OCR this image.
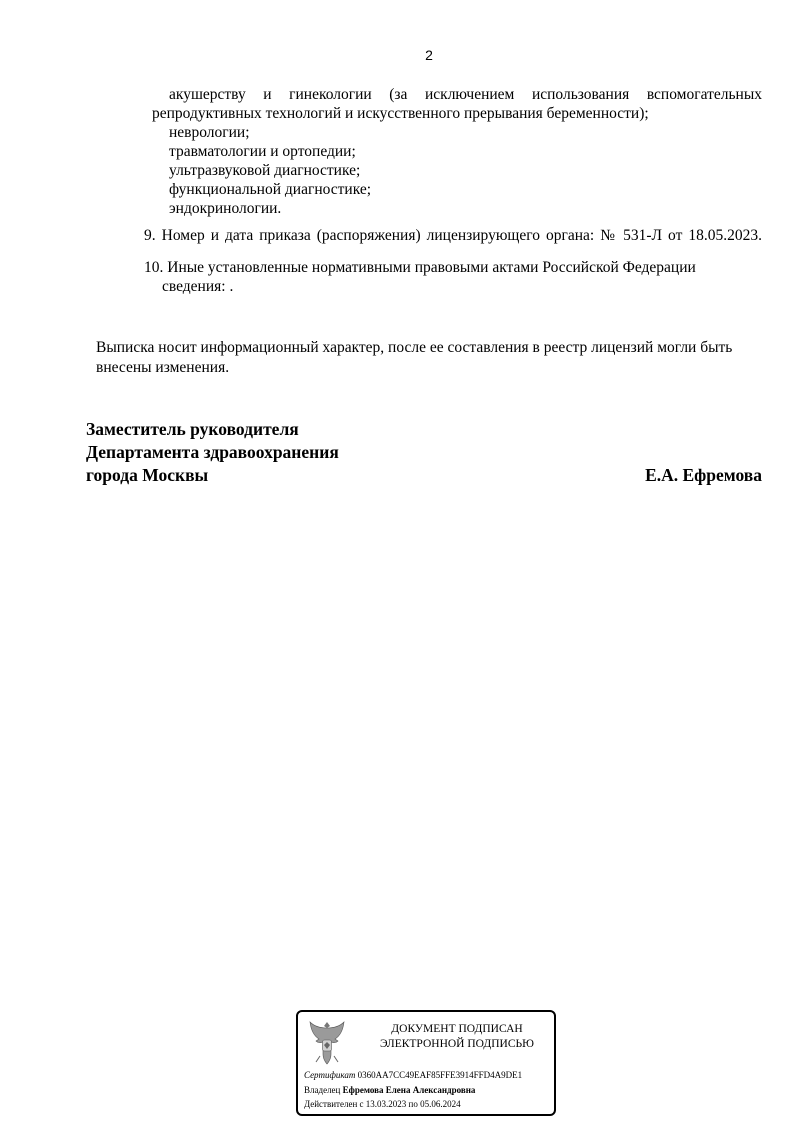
2
акушерству и гинекологии (за исключением использования вспомогательных
репродуктивных технологий и искусственного прерывания беременности);
неврологии;
травматологии и ортопедии;
ультразвуковой диагностике;
функциональной диагностике;
эндокринологии.
9. Номер и дата приказа (распоряжения) лицензирующего органа: № 531-Л от 18.05.2023.
10. Иные установленные нормативными правовыми актами Российской Федерации
сведения: .
Выписка носит информационный характер, после ее составления в реестр лицензий могли быть
внесены изменения.
Заместитель руководителя
Департамента здравоохранения
города Москвы	Е.А. Ефремова
ДОКУМЕНТ ПОДПИСАН
ЭЛЕКТРОННОЙ ПОДПИСЬЮ
Сертификат 0360AA7CC49EAF85FFE3914FFD4A9DE1
Владелец Ефремова Елена Александровна
Действителен с 13.03.2023 по 05.06.2024
